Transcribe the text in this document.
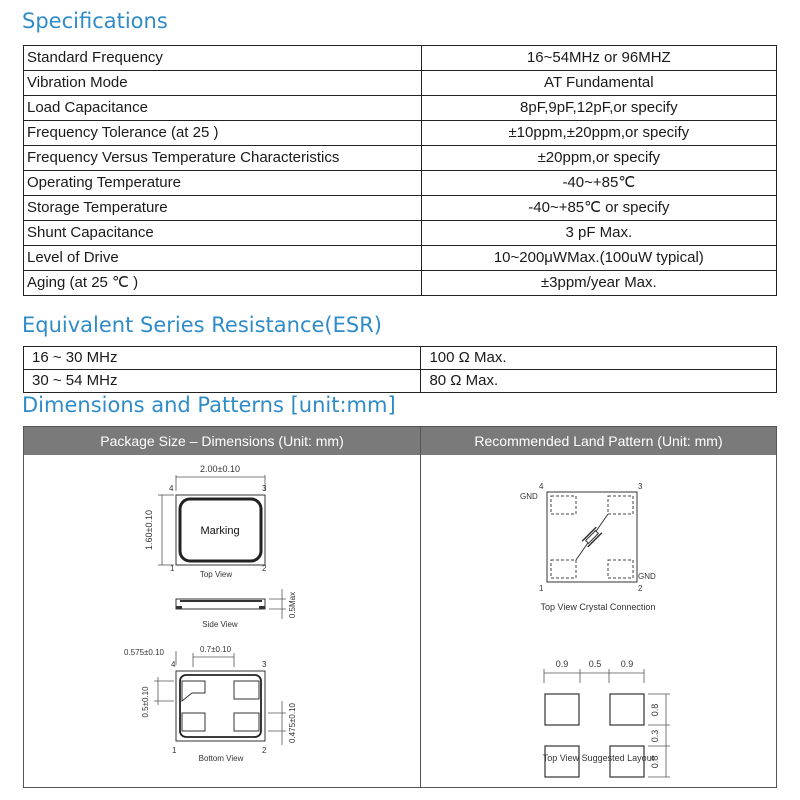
Specifications
Standard Frequency	16~54MHz or 96MHZ
Vibration Mode	AT Fundamental
Load Capacitance	8pF,9pF,12pF,or specify
Frequency Tolerance (at 25 )	±10ppm,±20ppm,or specify
Frequency Versus Temperature Characteristics	±20ppm,or specify
Operating Temperature	-40~+85℃
Storage Temperature	-40~+85℃ or specify
Shunt Capacitance	3 pF Max.
Level of Drive	10~200μWMax.(100uW typical)
Aging (at 25 ℃ )	±3ppm/year Max.
Equivalent Series Resistance(ESR)
16 ~ 30 MHz	100 Ω Max.
30 ~ 54 MHz	80 Ω Max.
Dimensions and Patterns [unit:mm]
Package Size – Dimensions (Unit: mm)	Recommended Land Pattern (Unit: mm)
2.00±0.10
4	3
1.60±0.10	Marking
1	2
Top View
0.5Max
Side View
0.575±0.10	0.7±0.10
4	3
0.5±0.10
0.475±0.10
1	2
Bottom View
4
GND
3
GND
1	2
Top View Crystal Connection
0.9 0.5 0.9
0.8
0.3
0.8
Top View Suggested Layout
